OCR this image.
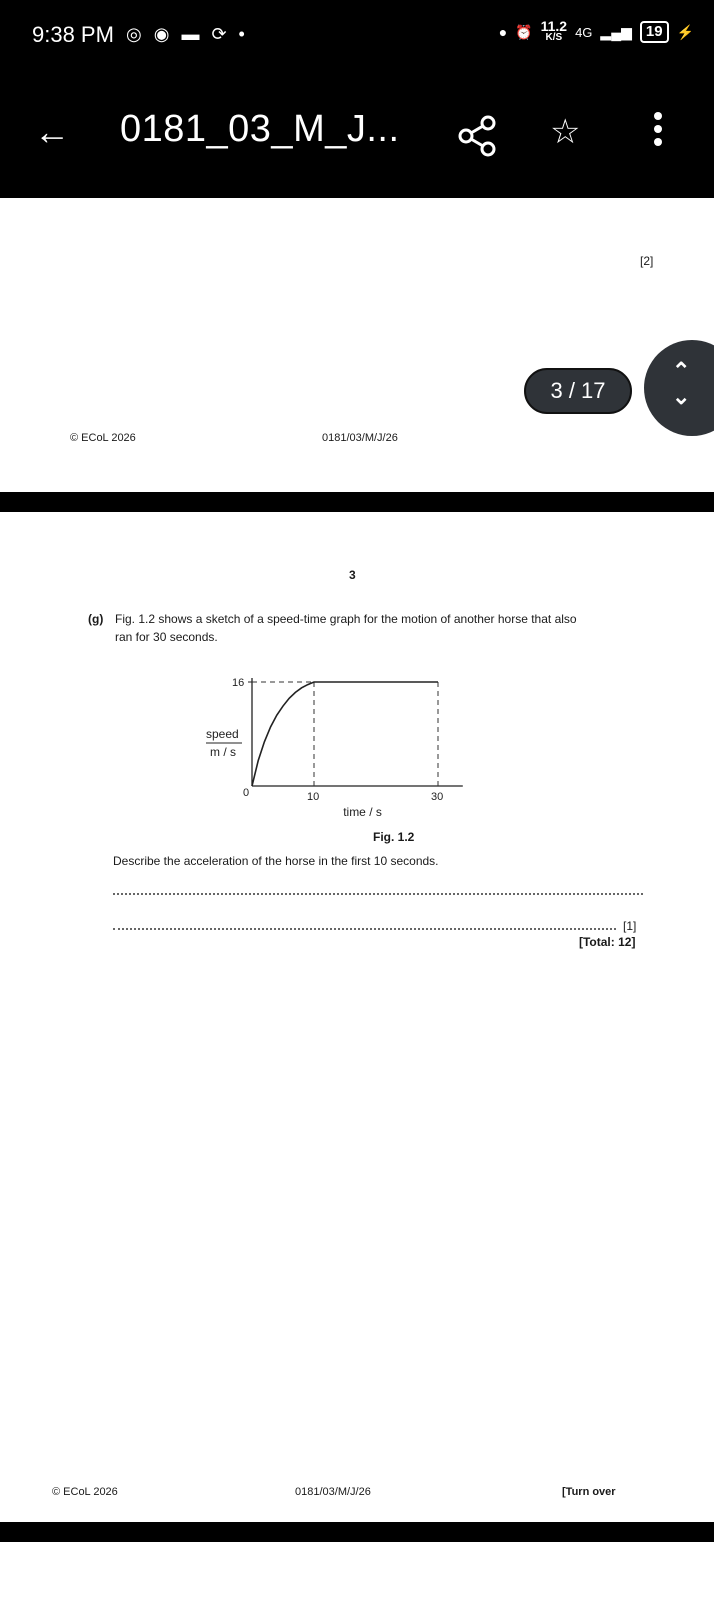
9:38 PM ◎ ◉ ▬ ⟳ •	● ⏰ 11.2
K/S 4G ▂▄▆ 19	⚡
← 0181_03_M_J...	☆
[2]
© ECoL 2026	0181/03/M/J/26
3 / 17
⌃
⌄
3
(g) Fig. 1.2 shows a sketch of a speed-time graph for the motion of another horse that also
ran for 30 seconds.
16
0	10	30
speed
m / s
time / s
Fig. 1.2
Describe the acceleration of the horse in the first 10 seconds.
[1]
[Total: 12]
© ECoL 2026	0181/03/M/J/26	[Turn over
